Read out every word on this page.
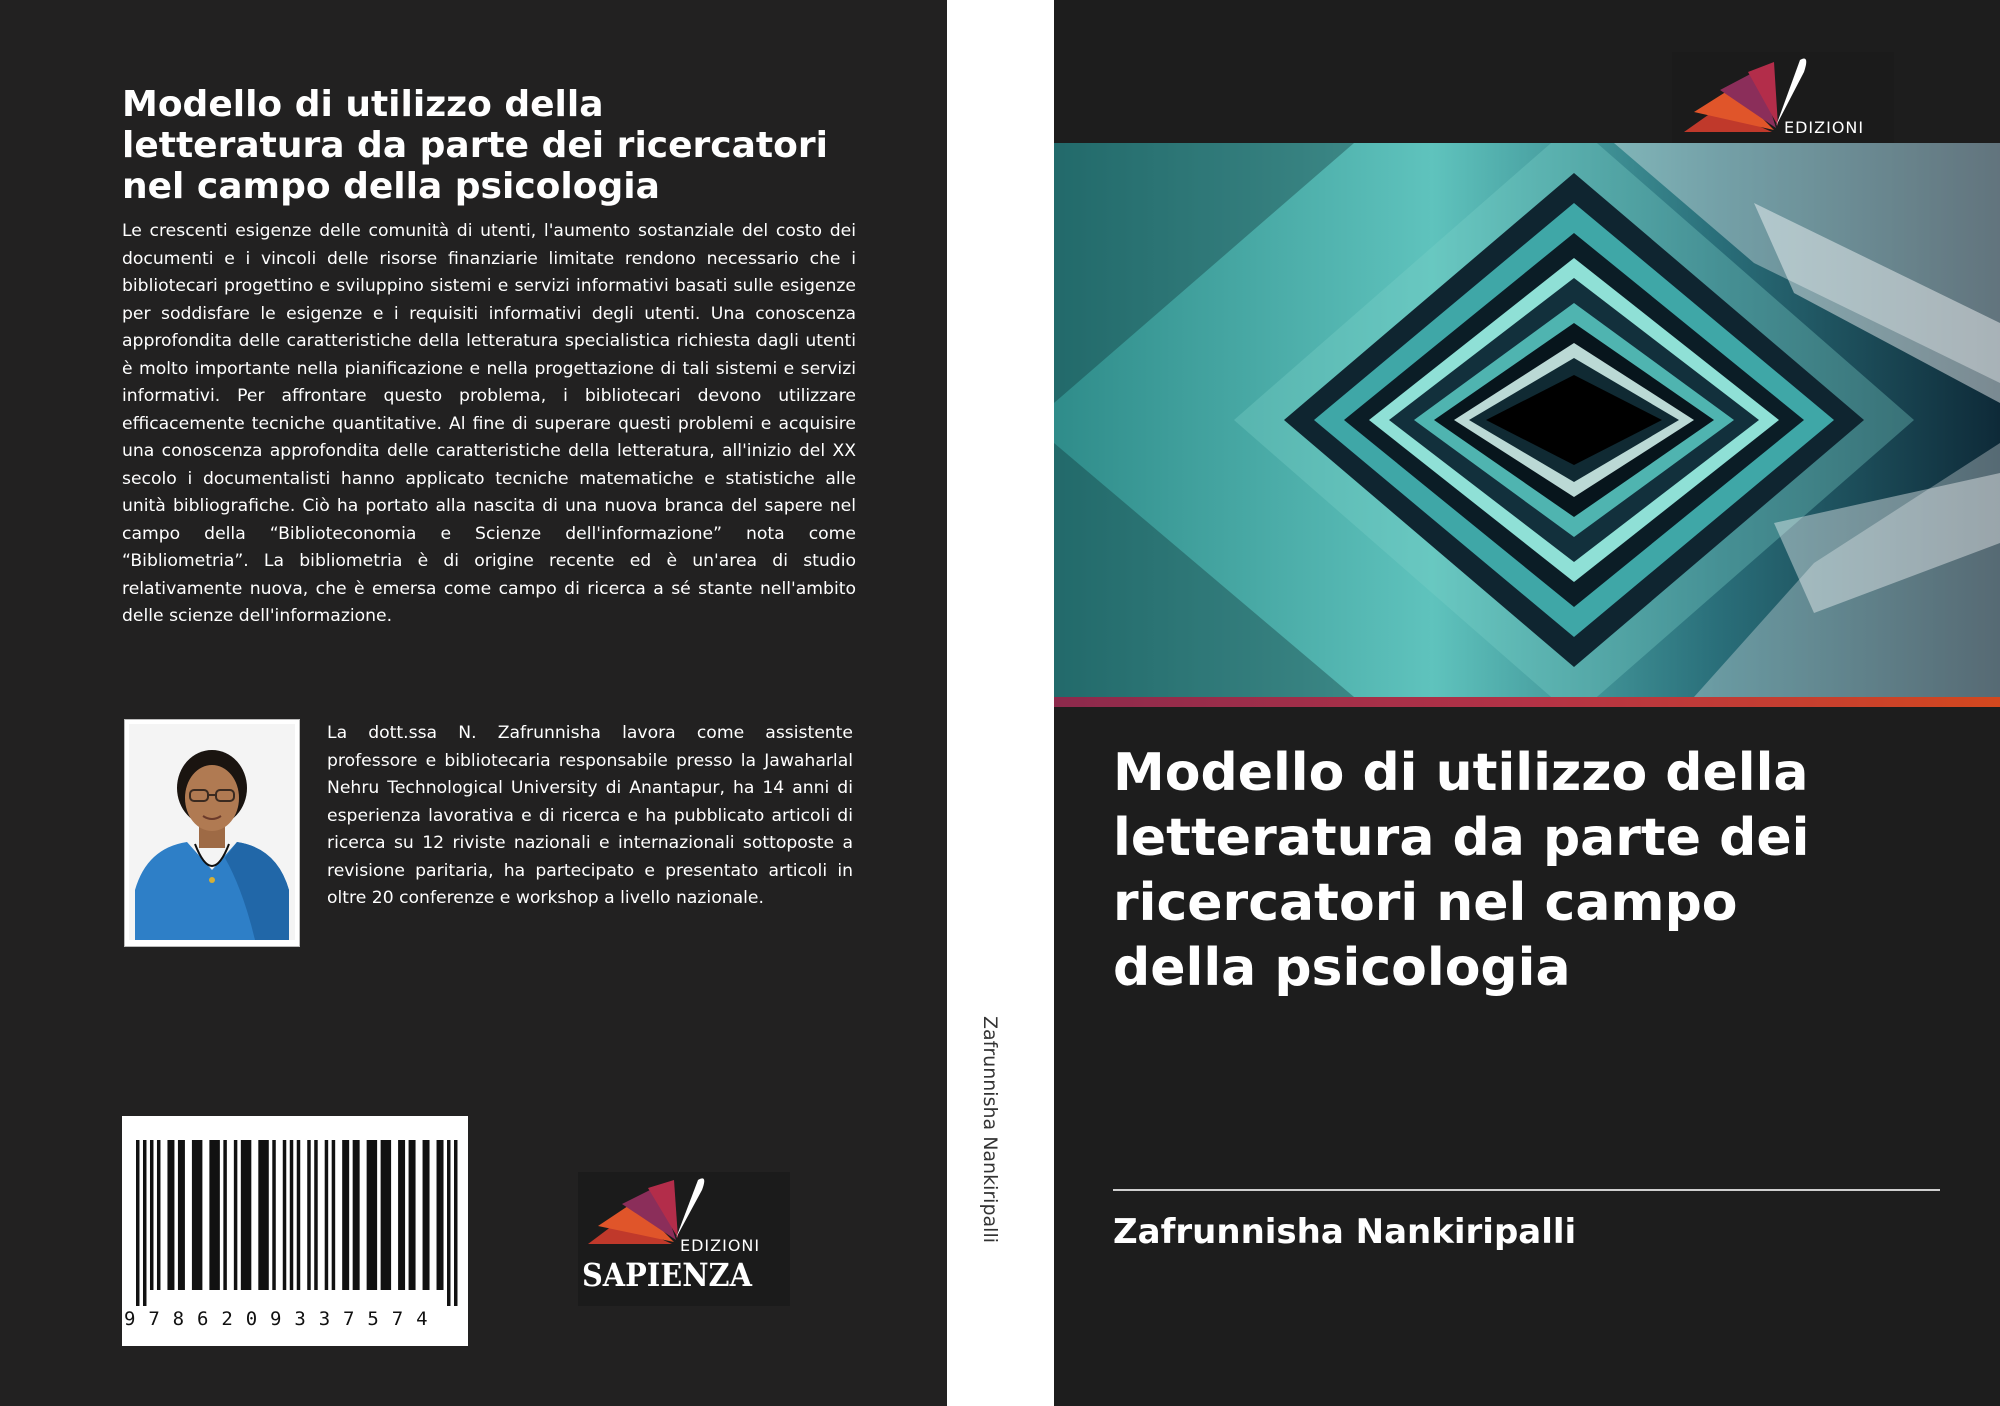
Modello di utilizzo della
letteratura da parte dei ricercatori
nel campo della psicologia

Le crescenti esigenze delle comunità di utenti, l'aumento sostanziale del costo dei documenti e i vincoli delle risorse finanziarie limitate rendono necessario che i bibliotecari progettino e sviluppino sistemi e servizi informativi basati sulle esigenze per soddisfare le esigenze e i requisiti informativi degli utenti. Una conoscenza approfondita delle caratteristiche della letteratura specialistica richiesta dagli utenti è molto importante nella pianificazione e nella progettazione di tali sistemi e servizi informativi. Per affrontare questo problema, i bibliotecari devono utilizzare efficacemente tecniche quantitative. Al fine di superare questi problemi e acquisire una conoscenza approfondita delle caratteristiche della letteratura, all'inizio del XX secolo i documentalisti hanno applicato tecniche matematiche e statistiche alle unità bibliografiche. Ciò ha portato alla nascita di una nuova branca del sapere nel campo della “Biblioteconomia e Scienze dell'informazione” nota come “Bibliometria”. La bibliometria è di origine recente ed è un'area di studio relativamente nuova, che è emersa come campo di ricerca a sé stante nell'ambito delle scienze dell'informazione.

La dott.ssa N. Zafrunnisha lavora come assistente professore e bibliotecaria responsabile presso la Jawaharlal Nehru Technological University di Anantapur, ha 14 anni di esperienza lavorativa e di ricerca e ha pubblicato articoli di ricerca su 12 riviste nazionali e internazionali sottoposte a revisione paritaria, ha partecipato e presentato articoli in oltre 20 conferenze e workshop a livello nazionale.

9786209337574
EDIZIONI
SAPIENZA
Zafrunnisha Nankiripalli
EDIZIONI
Modello di utilizzo della
letteratura da parte dei
ricercatori nel campo
della psicologia
Zafrunnisha Nankiripalli
